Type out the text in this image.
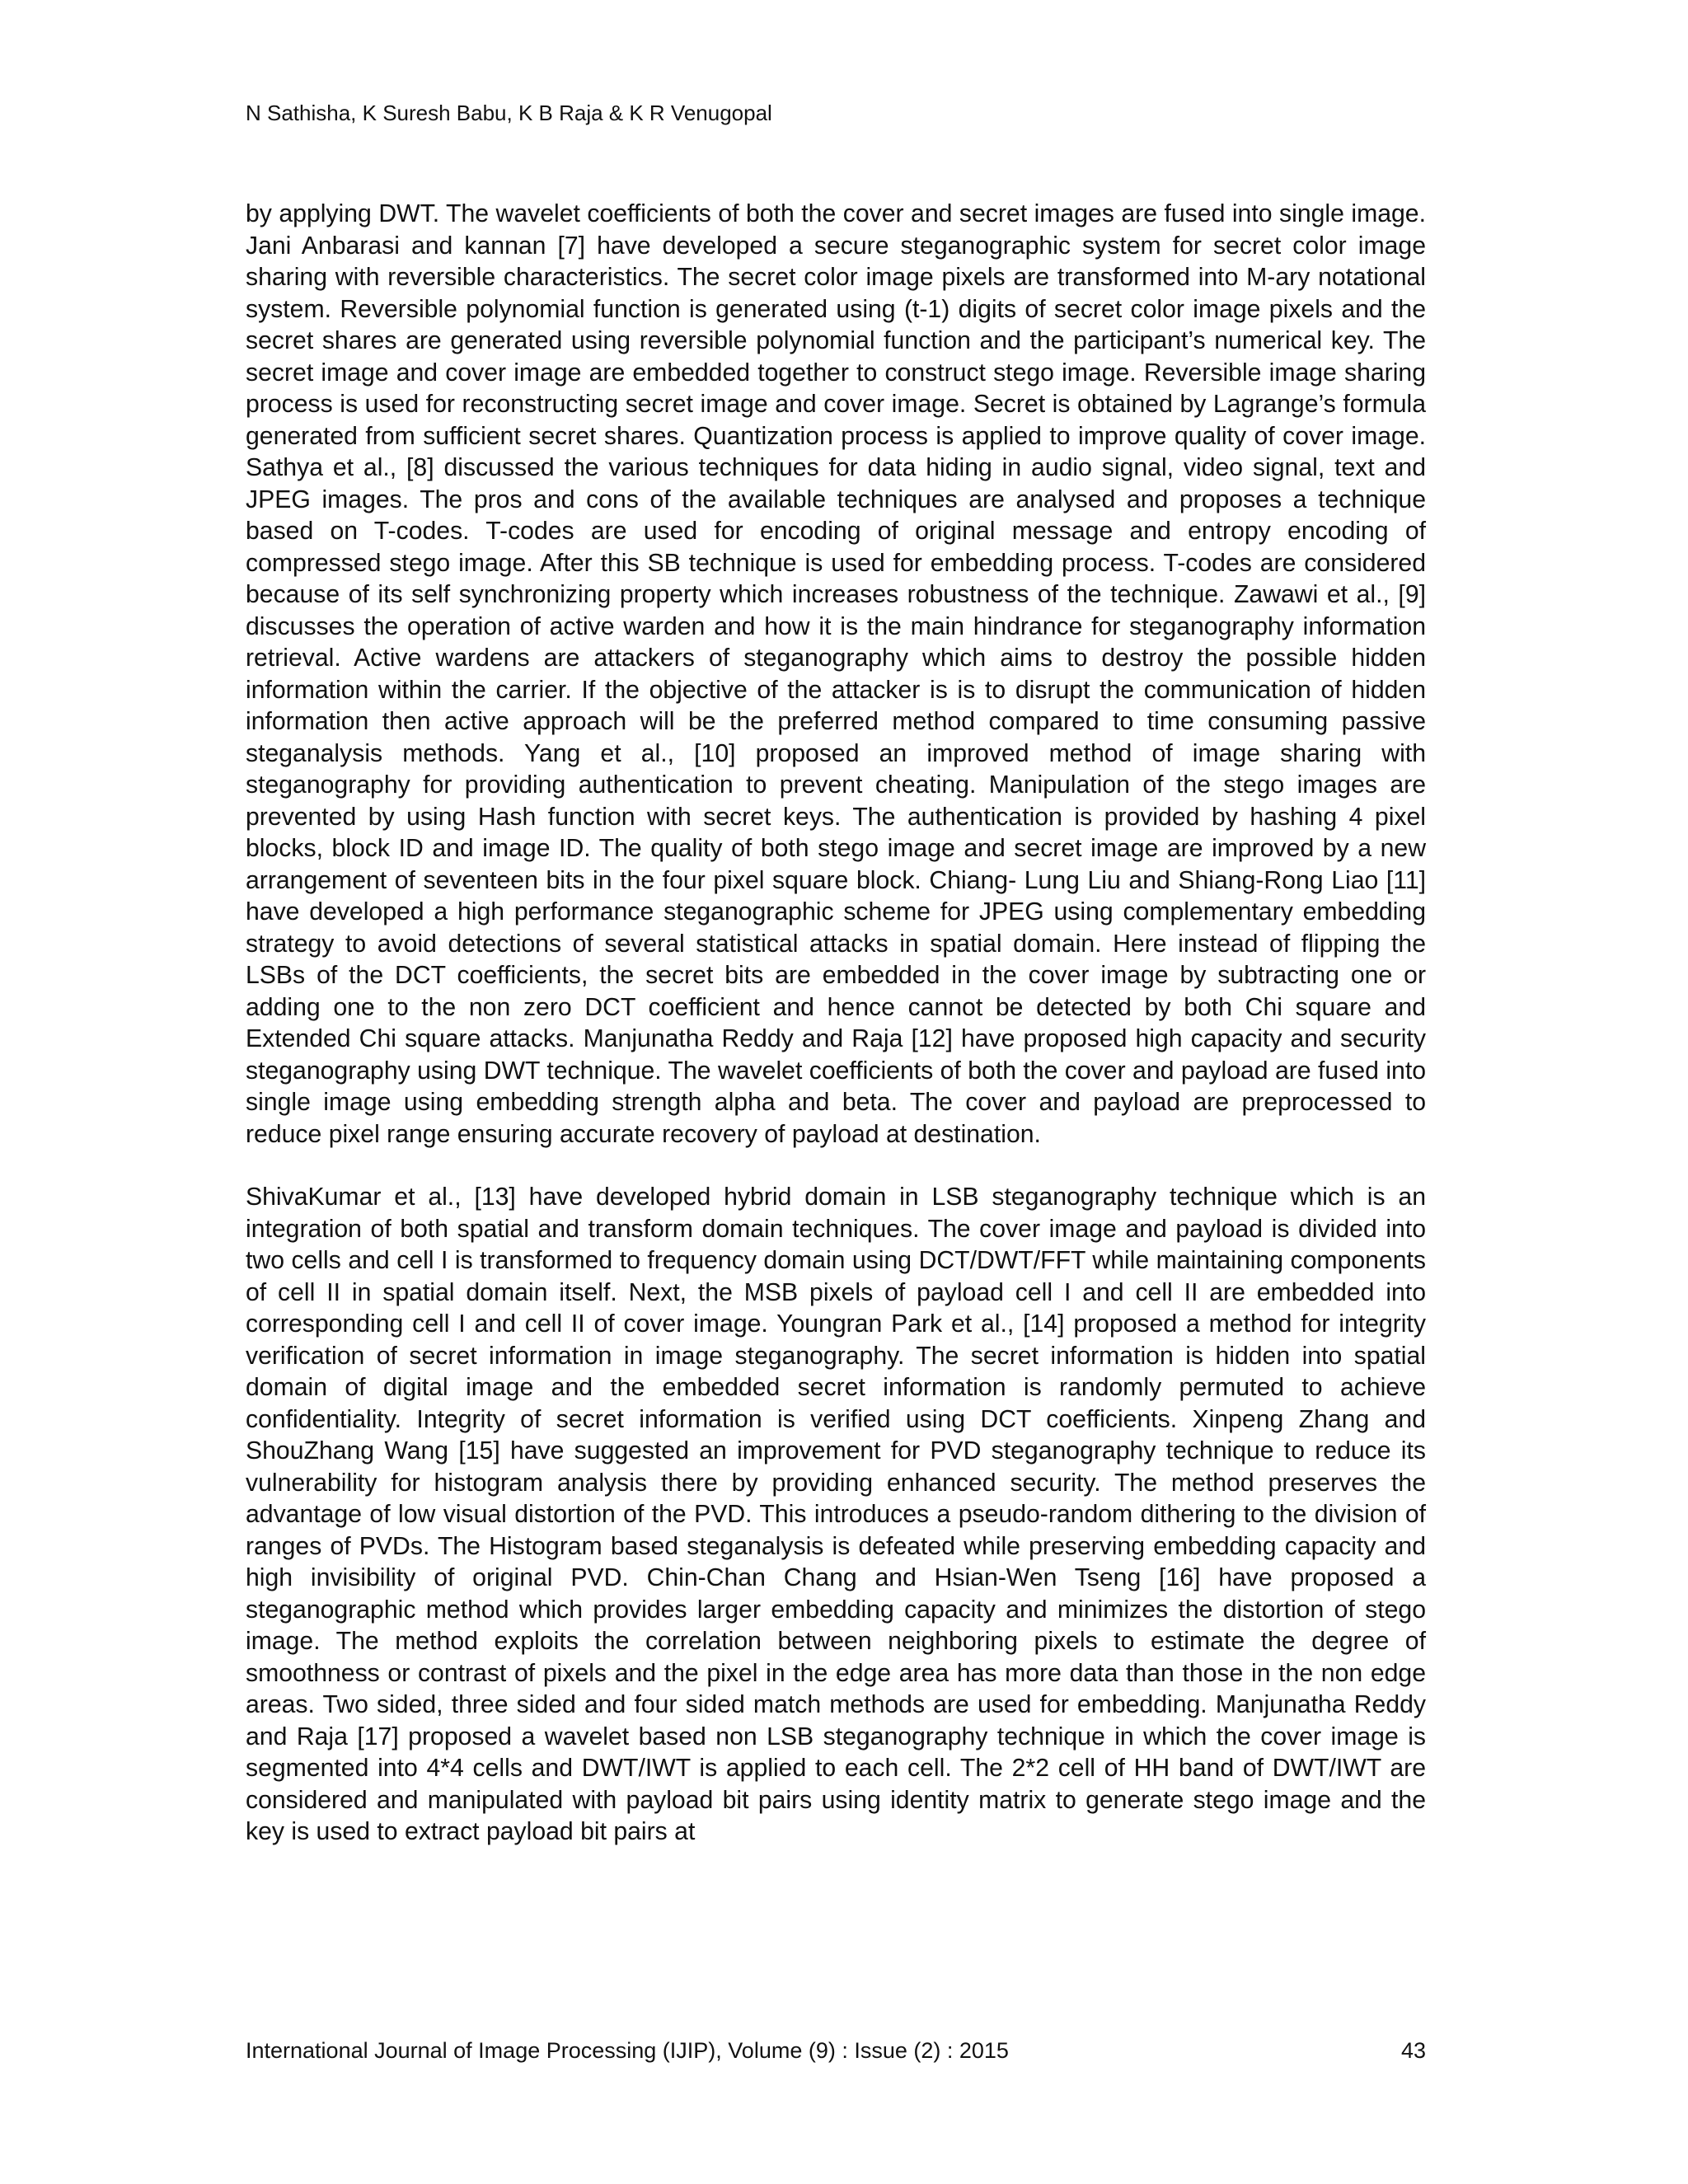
N Sathisha, K Suresh Babu, K B Raja & K R Venugopal

by applying DWT. The wavelet coefficients of both the cover and secret images are fused into single image. Jani Anbarasi and kannan [7] have developed a secure steganographic system for secret color image sharing with reversible characteristics. The secret color image pixels are transformed into M-ary notational system. Reversible polynomial function is generated using (t-1) digits of secret color image pixels and the secret shares are generated using reversible polynomial function and the participant’s numerical key. The secret image and cover image are embedded together to construct stego image. Reversible image sharing process is used for reconstructing secret image and cover image. Secret is obtained by Lagrange’s formula generated from sufficient secret shares. Quantization process is applied to improve quality of cover image. Sathya et al., [8] discussed the various techniques for data hiding in audio signal, video signal, text and JPEG images. The pros and cons of the available techniques are analysed and proposes a technique based on T-codes. T-codes are used for encoding of original message and entropy encoding of compressed stego image. After this SB technique is used for embedding process. T-codes are considered because of its self synchronizing property which increases robustness of the technique. Zawawi et al., [9] discusses the operation of active warden and how it is the main hindrance for steganography information retrieval. Active wardens are attackers of steganography which aims to destroy the possible hidden information within the carrier. If the objective of the attacker is is to disrupt the communication of hidden information then active approach will be the preferred method compared to time consuming passive steganalysis methods. Yang et al., [10] proposed an improved method of image sharing with steganography for providing authentication to prevent cheating. Manipulation of the stego images are prevented by using Hash function with secret keys. The authentication is provided by hashing 4 pixel blocks, block ID and image ID. The quality of both stego image and secret image are improved by a new arrangement of seventeen bits in the four pixel square block. Chiang- Lung Liu and Shiang-Rong Liao [11] have developed a high performance steganographic scheme for JPEG using complementary embedding strategy to avoid detections of several statistical attacks in spatial domain. Here instead of flipping the LSBs of the DCT coefficients, the secret bits are embedded in the cover image by subtracting one or adding one to the non zero DCT coefficient and hence cannot be detected by both Chi square and Extended Chi square attacks. Manjunatha Reddy and Raja [12] have proposed high capacity and security steganography using DWT technique. The wavelet coefficients of both the cover and payload are fused into single image using embedding strength alpha and beta. The cover and payload are preprocessed to reduce pixel range ensuring accurate recovery of payload at destination.

ShivaKumar et al., [13] have developed hybrid domain in LSB steganography technique which is an integration of both spatial and transform domain techniques. The cover image and payload is divided into two cells and cell I is transformed to frequency domain using DCT/DWT/FFT while maintaining components of cell II in spatial domain itself. Next, the MSB pixels of payload cell I and cell II are embedded into corresponding cell I and cell II of cover image. Youngran Park et al., [14] proposed a method for integrity verification of secret information in image steganography. The secret information is hidden into spatial domain of digital image and the embedded secret information is randomly permuted to achieve confidentiality. Integrity of secret information is verified using DCT coefficients. Xinpeng Zhang and ShouZhang Wang [15] have suggested an improvement for PVD steganography technique to reduce its vulnerability for histogram analysis there by providing enhanced security. The method preserves the advantage of low visual distortion of the PVD. This introduces a pseudo-random dithering to the division of ranges of PVDs. The Histogram based steganalysis is defeated while preserving embedding capacity and high invisibility of original PVD. Chin-Chan Chang and Hsian-Wen Tseng [16] have proposed a steganographic method which provides larger embedding capacity and minimizes the distortion of stego image. The method exploits the correlation between neighboring pixels to estimate the degree of smoothness or contrast of pixels and the pixel in the edge area has more data than those in the non edge areas. Two sided, three sided and four sided match methods are used for embedding. Manjunatha Reddy and Raja [17] proposed a wavelet based non LSB steganography technique in which the cover image is segmented into 4*4 cells and DWT/IWT is applied to each cell. The 2*2 cell of HH band of DWT/IWT are considered and manipulated with payload bit pairs using identity matrix to generate stego image and the key is used to extract payload bit pairs at

International Journal of Image Processing (IJIP), Volume (9) : Issue (2) : 2015	43
